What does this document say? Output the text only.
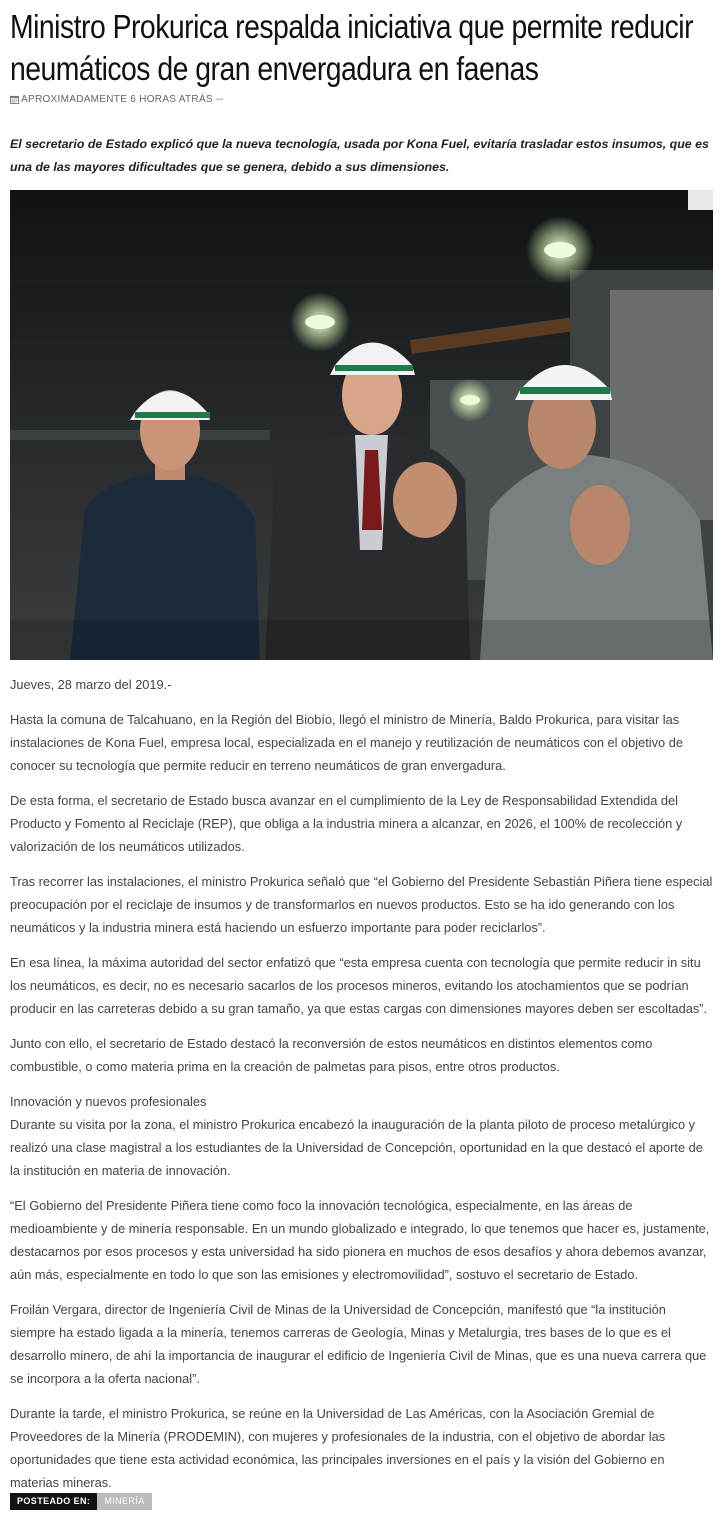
Ministro Prokurica respalda iniciativa que permite reducir neumáticos de gran envergadura en faenas
APROXIMADAMENTE 6 HORAS ATRÁS --

El secretario de Estado explicó que la nueva tecnología, usada por Kona Fuel, evitaría trasladar estos insumos, que es una de las mayores dificultades que se genera, debido a sus dimensiones.

Jueves, 28 marzo del 2019.-

Hasta la comuna de Talcahuano, en la Región del Biobío, llegó el ministro de Minería, Baldo Prokurica, para visitar las instalaciones de Kona Fuel, empresa local, especializada en el manejo y reutilización de neumáticos con el objetivo de conocer su tecnología que permite reducir en terreno neumáticos de gran envergadura.

De esta forma, el secretario de Estado busca avanzar en el cumplimiento de la Ley de Responsabilidad Extendida del Producto y Fomento al Reciclaje (REP), que obliga a la industria minera a alcanzar, en 2026, el 100% de recolección y valorización de los neumáticos utilizados.

Tras recorrer las instalaciones, el ministro Prokurica señaló que “el Gobierno del Presidente Sebastián Piñera tiene especial preocupación por el reciclaje de insumos y de transformarlos en nuevos productos. Esto se ha ido generando con los neumáticos y la industria minera está haciendo un esfuerzo importante para poder reciclarlos”.

En esa línea, la máxima autoridad del sector enfatizó que “esta empresa cuenta con tecnología que permite reducir in situ los neumáticos, es decir, no es necesario sacarlos de los procesos mineros, evitando los atochamientos que se podrían producir en las carreteras debido a su gran tamaño, ya que estas cargas con dimensiones mayores deben ser escoltadas”.

Junto con ello, el secretario de Estado destacó la reconversión de estos neumáticos en distintos elementos como combustible, o como materia prima en la creación de palmetas para pisos, entre otros productos.

Innovación y nuevos profesionales

Durante su visita por la zona, el ministro Prokurica encabezó la inauguración de la planta piloto de proceso metalúrgico y realizó una clase magistral a los estudiantes de la Universidad de Concepción, oportunidad en la que destacó el aporte de la institución en materia de innovación.

“El Gobierno del Presidente Piñera tiene como foco la innovación tecnológica, especialmente, en las áreas de medioambiente y de minería responsable. En un mundo globalizado e integrado, lo que tenemos que hacer es, justamente, destacarnos por esos procesos y esta universidad ha sido pionera en muchos de esos desafíos y ahora debemos avanzar, aún más, especialmente en todo lo que son las emisiones y electromovilidad”, sostuvo el secretario de Estado.

Froilán Vergara, director de Ingeniería Civil de Minas de la Universidad de Concepción, manifestó que “la institución siempre ha estado ligada a la minería, tenemos carreras de Geología, Minas y Metalurgia, tres bases de lo que es el desarrollo minero, de ahí la importancia de inaugurar el edificio de Ingeniería Civil de Minas, que es una nueva carrera que se incorpora a la oferta nacional”.

Durante la tarde, el ministro Prokurica, se reúne en la Universidad de Las Américas, con la Asociación Gremial de Proveedores de la Minería (PRODEMIN), con mujeres y profesionales de la industria, con el objetivo de abordar las oportunidades que tiene esta actividad económica, las principales inversiones en el país y la visión del Gobierno en materias mineras.

POSTEADO EN:	MINERÍA
